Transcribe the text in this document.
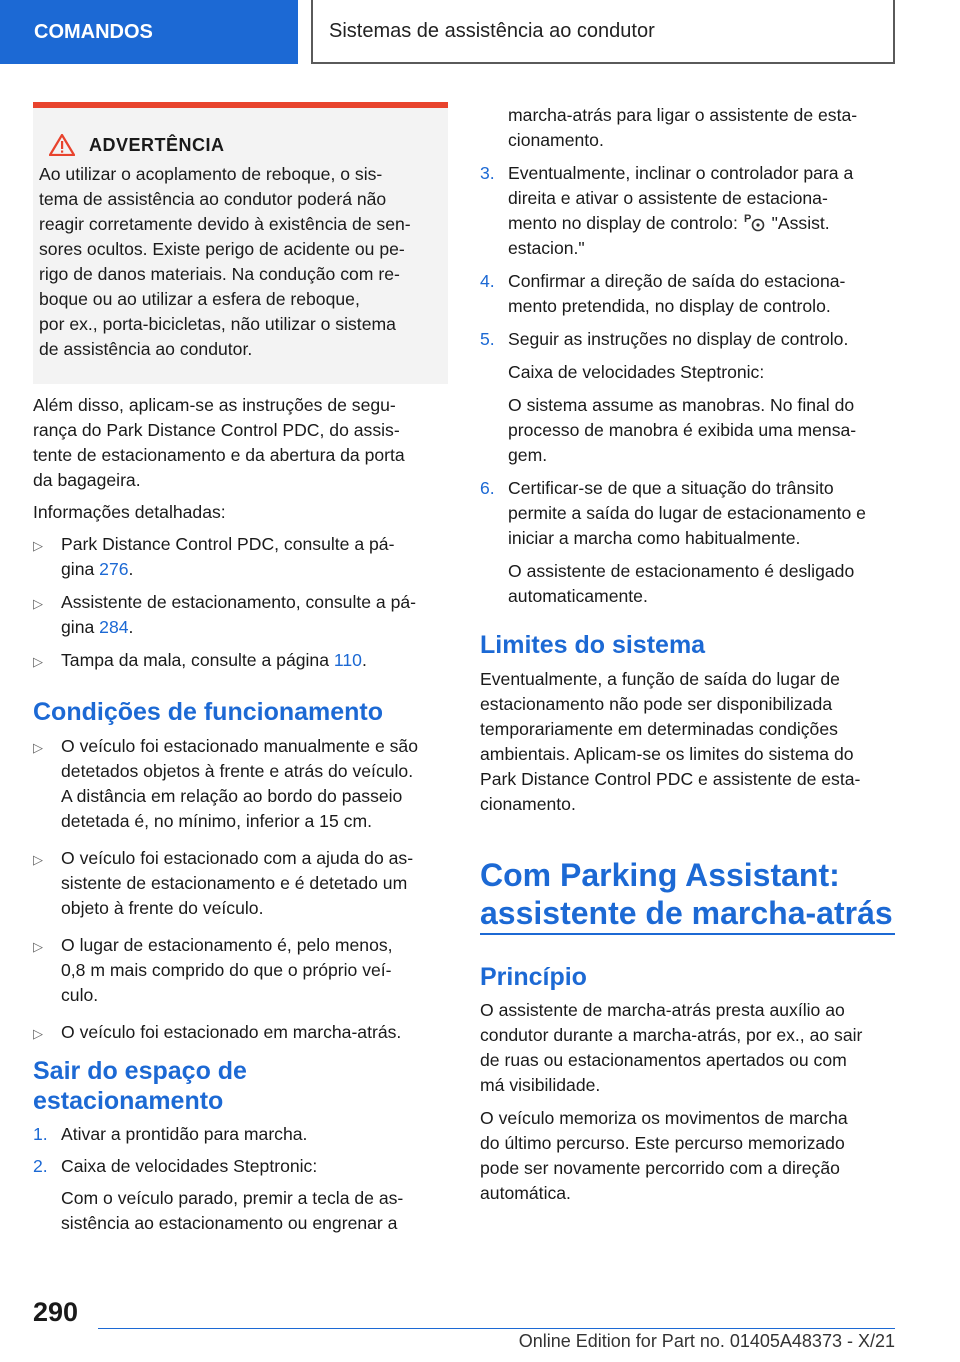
COMANDOS	Sistemas de assistência ao condutor
ADVERTÊNCIA

Ao utilizar o acoplamento de reboque, o sis-

tema de assistência ao condutor poderá não

reagir corretamente devido à existência de sen-

sores ocultos. Existe perigo de acidente ou pe-

rigo de danos materiais. Na condução com re-

boque ou ao utilizar a esfera de reboque,

por ex., porta-bicicletas, não utilizar o sistema

de assistência ao condutor.

Além disso, aplicam-se as instruções de segu-

rança do Park Distance Control PDC, do assis-

tente de estacionamento e da abertura da porta

da bagageira.

Informações detalhadas:

▷	Park Distance Control PDC, consulte a pá-

gina 276.

▷	Assistente de estacionamento, consulte a pá-

gina 284.

▷	Tampa da mala, consulte a página 110.

Condições de funcionamento
▷	O veículo foi estacionado manualmente e são

detetados objetos à frente e atrás do veículo.

A distância em relação ao bordo do passeio

detetada é, no mínimo, inferior a 15 cm.

▷	O veículo foi estacionado com a ajuda do as-

sistente de estacionamento e é detetado um

objeto à frente do veículo.

▷	O lugar de estacionamento é, pelo menos,

0,8 m mais comprido do que o próprio veí-

culo.

▷	O veículo foi estacionado em marcha-atrás.

Sair do espaço de

estacionamento

1. Ativar a prontidão para marcha.

2. Caixa de velocidades Steptronic:

Com o veículo parado, premir a tecla de as-

sistência ao estacionamento ou engrenar a

marcha-atrás para ligar o assistente de esta-

cionamento.

3. Eventualmente, inclinar o controlador para a

direita e ativar o assistente de estaciona-

mento no display de controlo: P "Assist.

estacion."

4. Confirmar a direção de saída do estaciona-

mento pretendida, no display de controlo.

5. Seguir as instruções no display de controlo.

Caixa de velocidades Steptronic:

O sistema assume as manobras. No final do

processo de manobra é exibida uma mensa-

gem.

6. Certificar-se de que a situação do trânsito

permite a saída do lugar de estacionamento e

iniciar a marcha como habitualmente.

O assistente de estacionamento é desligado

automaticamente.

Limites do sistema

Eventualmente, a função de saída do lugar de

estacionamento não pode ser disponibilizada

temporariamente em determinadas condições

ambientais. Aplicam-se os limites do sistema do

Park Distance Control PDC e assistente de esta-

cionamento.

Com Parking Assistant:

assistente de marcha-atrás

Princípio

O assistente de marcha-atrás presta auxílio ao

condutor durante a marcha-atrás, por ex., ao sair

de ruas ou estacionamentos apertados ou com

má visibilidade.

O veículo memoriza os movimentos de marcha

do último percurso. Este percurso memorizado

pode ser novamente percorrido com a direção

automática.

290
Online Edition for Part no. 01405A48373 - X/21
